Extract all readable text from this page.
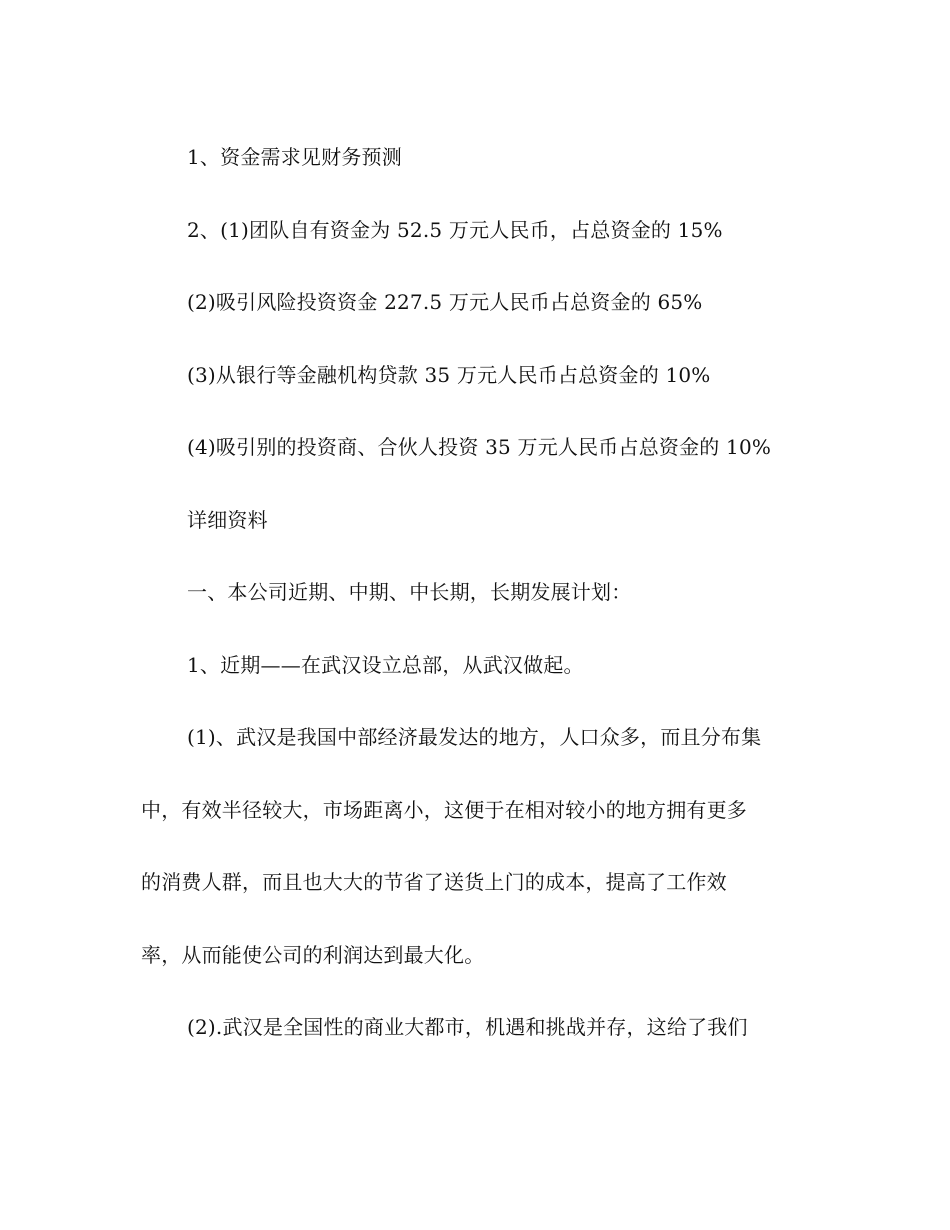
1、资金需求见财务预测
2、(1)团队自有资金为 52.5 万元人民币，占总资金的 15%
(2)吸引风险投资资金 227.5 万元人民币占总资金的 65%
(3)从银行等金融机构贷款 35 万元人民币占总资金的 10%
(4)吸引别的投资商、合伙人投资 35 万元人民币占总资金的 10%
详细资料
一、本公司近期、中期、中长期，长期发展计划：
1、近期——在武汉设立总部，从武汉做起。
(1)、武汉是我国中部经济最发达的地方，人口众多，而且分布集
中，有效半径较大，市场距离小，这便于在相对较小的地方拥有更多
的消费人群，而且也大大的节省了送货上门的成本，提高了工作效
率，从而能使公司的利润达到最大化。
(2).武汉是全国性的商业大都市，机遇和挑战并存，这给了我们
